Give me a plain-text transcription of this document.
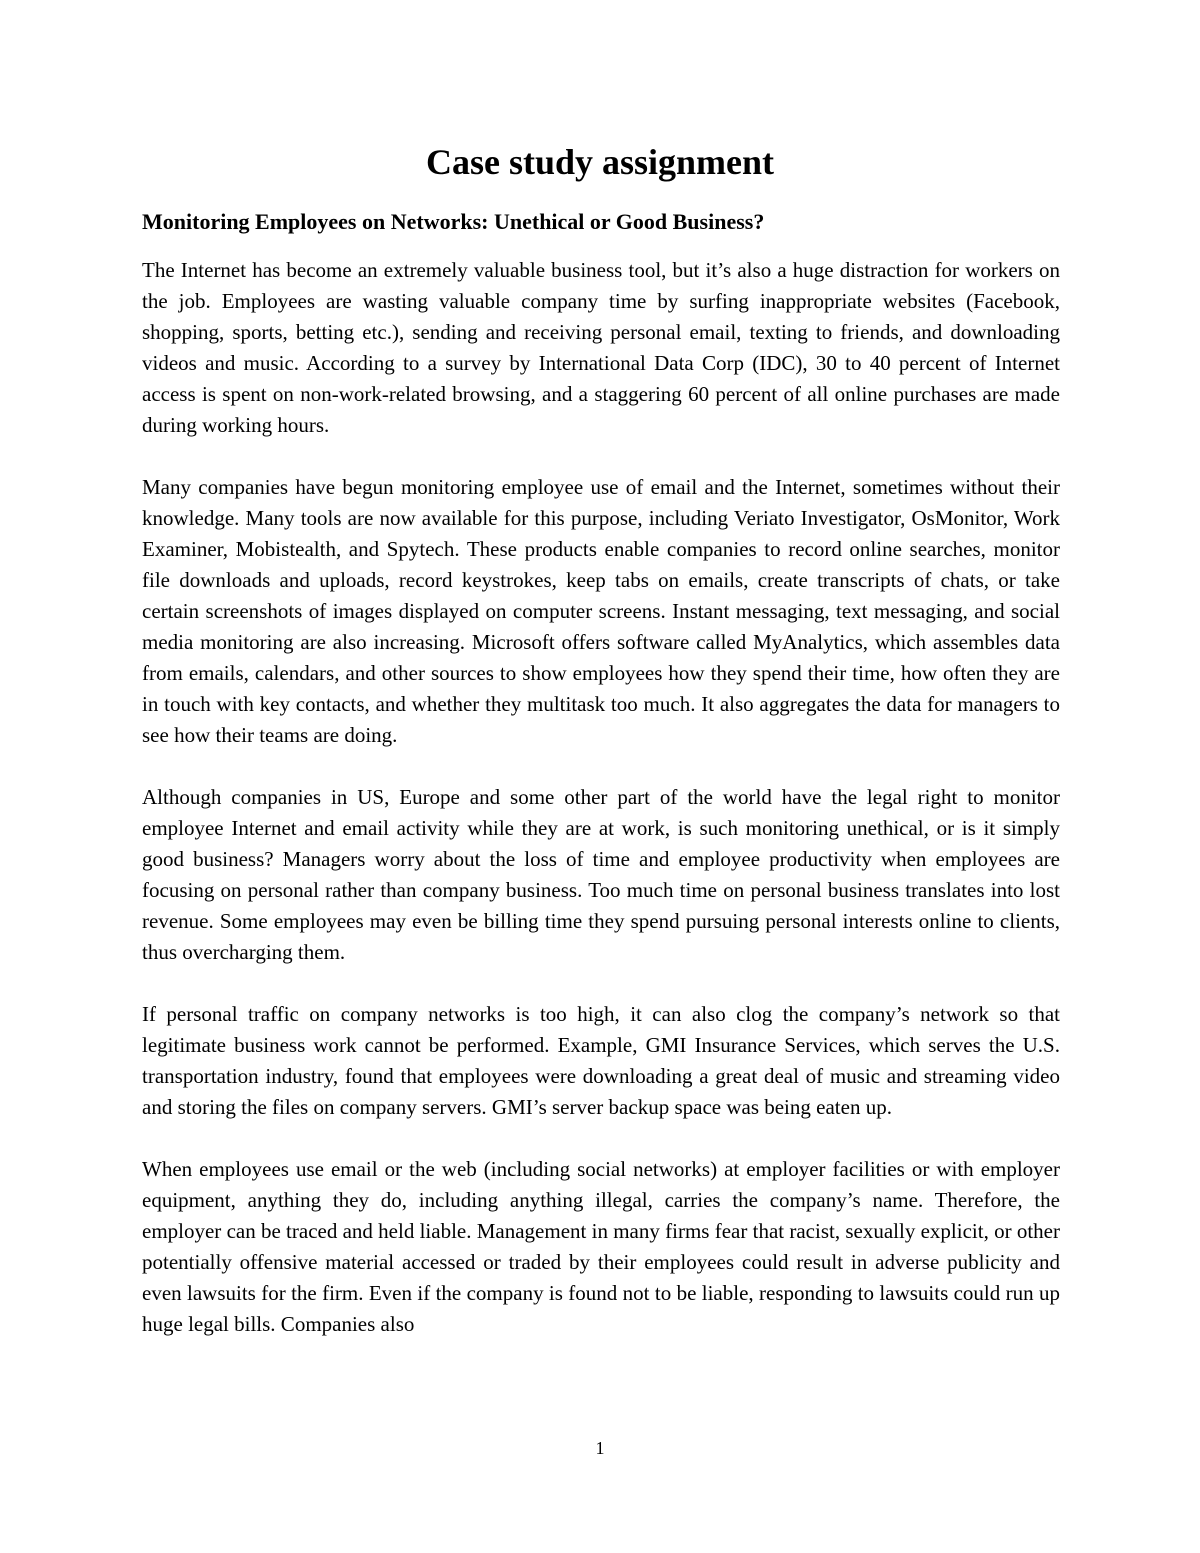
Case study assignment
Monitoring Employees on Networks: Unethical or Good Business?

The Internet has become an extremely valuable business tool, but it’s also a huge distraction for workers on the job. Employees are wasting valuable company time by surfing inappropriate websites (Facebook, shopping, sports, betting etc.), sending and receiving personal email, texting to friends, and downloading videos and music. According to a survey by International Data Corp (IDC), 30 to 40 percent of Internet access is spent on non-work-related browsing, and a staggering 60 percent of all online purchases are made during working hours.

Many companies have begun monitoring employee use of email and the Internet, sometimes without their knowledge. Many tools are now available for this purpose, including Veriato Investigator, OsMonitor, Work Examiner, Mobistealth, and Spytech. These products enable companies to record online searches, monitor file downloads and uploads, record keystrokes, keep tabs on emails, create transcripts of chats, or take certain screenshots of images displayed on computer screens. Instant messaging, text messaging, and social media monitoring are also increasing. Microsoft offers software called MyAnalytics, which assembles data from emails, calendars, and other sources to show employees how they spend their time, how often they are in touch with key contacts, and whether they multitask too much. It also aggregates the data for managers to see how their teams are doing.

Although companies in US, Europe and some other part of the world have the legal right to monitor employee Internet and email activity while they are at work, is such monitoring unethical, or is it simply good business? Managers worry about the loss of time and employee productivity when employees are focusing on personal rather than company business. Too much time on personal business translates into lost revenue. Some employees may even be billing time they spend pursuing personal interests online to clients, thus overcharging them.

If personal traffic on company networks is too high, it can also clog the company’s network so that legitimate business work cannot be performed. Example, GMI Insurance Services, which serves the U.S. transportation industry, found that employees were downloading a great deal of music and streaming video and storing the files on company servers. GMI’s server backup space was being eaten up.

When employees use email or the web (including social networks) at employer facilities or with employer equipment, anything they do, including anything illegal, carries the company’s name. Therefore, the employer can be traced and held liable. Management in many firms fear that racist, sexually explicit, or other potentially offensive material accessed or traded by their employees could result in adverse publicity and even lawsuits for the firm. Even if the company is found not to be liable, responding to lawsuits could run up huge legal bills. Companies also

1
